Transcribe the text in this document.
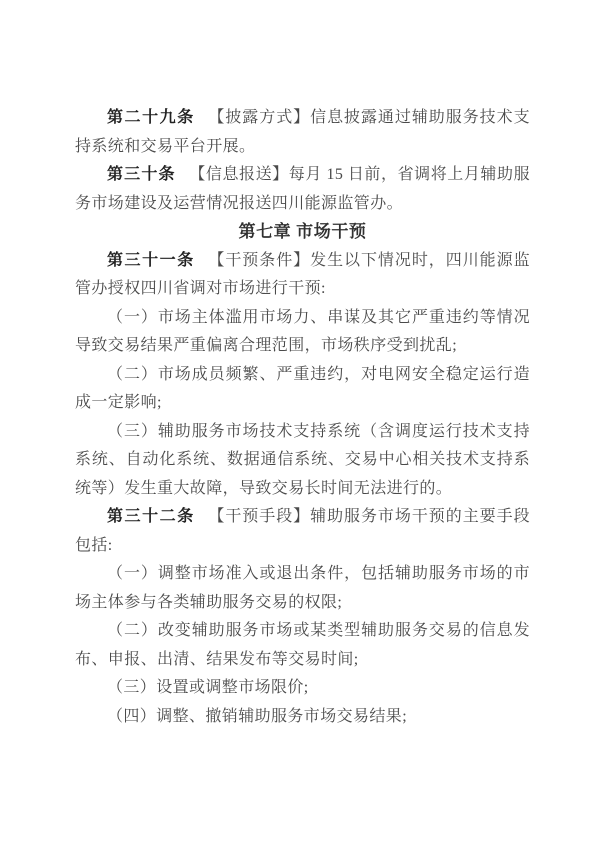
第二十九条 【披露方式】信息披露通过辅助服务技术支持系统和交易平台开展。

第三十条 【信息报送】每月 15 日前，省调将上月辅助服务市场建设及运营情况报送四川能源监管办。

第七章 市场干预

第三十一条 【干预条件】发生以下情况时，四川能源监管办授权四川省调对市场进行干预:

（一）市场主体滥用市场力、串谋及其它严重违约等情况导致交易结果严重偏离合理范围，市场秩序受到扰乱;

（二）市场成员频繁、严重违约，对电网安全稳定运行造成一定影响;

（三）辅助服务市场技术支持系统（含调度运行技术支持系统、自动化系统、数据通信系统、交易中心相关技术支持系统等）发生重大故障，导致交易长时间无法进行的。

第三十二条 【干预手段】辅助服务市场干预的主要手段包括:

（一）调整市场准入或退出条件，包括辅助服务市场的市场主体参与各类辅助服务交易的权限;

（二）改变辅助服务市场或某类型辅助服务交易的信息发布、申报、出清、结果发布等交易时间;

（三）设置或调整市场限价;

（四）调整、撤销辅助服务市场交易结果;
